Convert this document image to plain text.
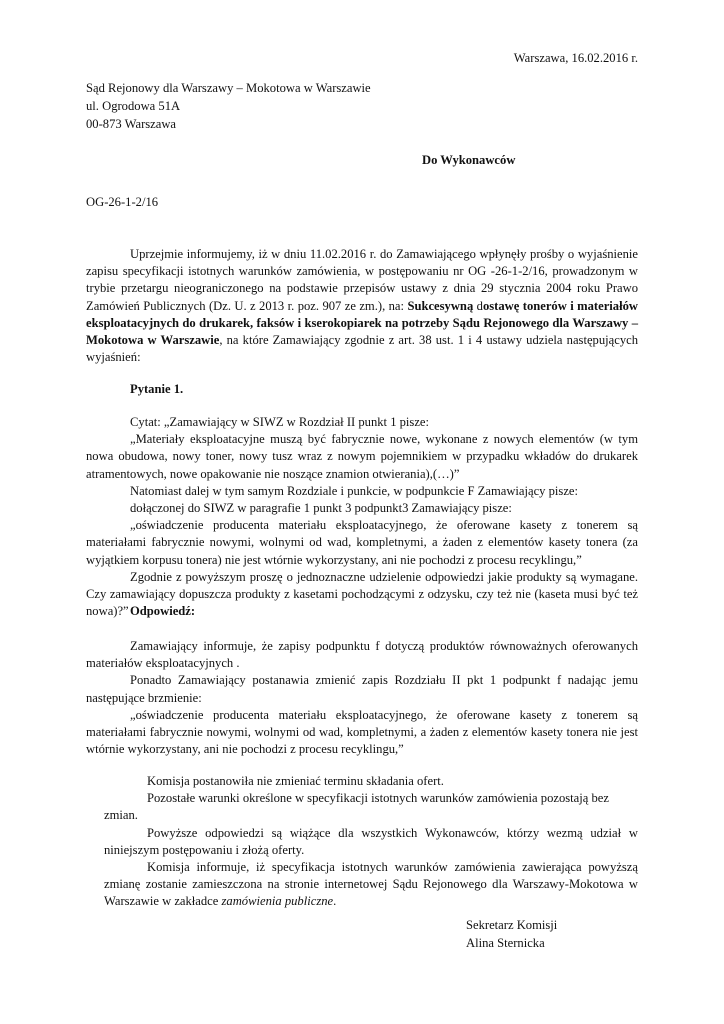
Warszawa, 16.02.2016 r.
Sąd Rejonowy dla Warszawy – Mokotowa w Warszawie
ul. Ogrodowa 51A
00-873 Warszawa
Do Wykonawców
OG-26-1-2/16
Uprzejmie informujemy, iż w dniu 11.02.2016 r. do Zamawiającego wpłynęły prośby o wyjaśnienie zapisu specyfikacji istotnych warunków zamówienia, w postępowaniu nr OG -26-1-2/16, prowadzonym w trybie przetargu nieograniczonego na podstawie przepisów ustawy z dnia 29 stycznia 2004 roku Prawo Zamówień Publicznych (Dz. U. z 2013 r. poz. 907 ze zm.), na: Sukcesywną dostawę tonerów i materiałów eksploatacyjnych do drukarek, faksów i kserokopiarek na potrzeby Sądu Rejonowego dla Warszawy – Mokotowa w Warszawie, na które Zamawiający zgodnie z art. 38 ust. 1 i 4 ustawy udziela następujących wyjaśnień:
Pytanie 1.
Cytat: „Zamawiający w SIWZ w Rozdział II punkt 1 pisze:
„Materiały eksploatacyjne muszą być fabrycznie nowe, wykonane z nowych elementów (w tym nowa obudowa, nowy toner, nowy tusz wraz z nowym pojemnikiem w przypadku wkładów do drukarek atramentowych, nowe opakowanie nie noszące znamion otwierania),(…)”
Natomiast dalej w tym samym Rozdziale i punkcie, w podpunkcie F Zamawiający pisze:
dołączonej do SIWZ w paragrafie 1 punkt 3 podpunkt3 Zamawiający pisze:
„oświadczenie producenta materiału eksploatacyjnego, że oferowane kasety z tonerem są materiałami fabrycznie nowymi, wolnymi od wad, kompletnymi, a żaden z elementów kasety tonera (za wyjątkiem korpusu tonera) nie jest wtórnie wykorzystany, ani nie pochodzi z procesu recyklingu,”
Zgodnie z powyższym proszę o jednoznaczne udzielenie odpowiedzi jakie produkty są wymagane. Czy zamawiający dopuszcza produkty z kasetami pochodzącymi z odzysku, czy też nie (kaseta musi być też nowa)?” Odpowiedź:
Zamawiający informuje, że zapisy podpunktu f dotyczą produktów równoważnych oferowanych materiałów eksploatacyjnych .
Ponadto Zamawiający postanawia zmienić zapis Rozdziału II pkt 1 podpunkt f nadając jemu następujące brzmienie:
„oświadczenie producenta materiału eksploatacyjnego, że oferowane kasety z tonerem są materiałami fabrycznie nowymi, wolnymi od wad, kompletnymi, a żaden z elementów kasety tonera nie jest wtórnie wykorzystany, ani nie pochodzi z procesu recyklingu,”
Komisja postanowiła nie zmieniać terminu składania ofert.
Pozostałe warunki określone w specyfikacji istotnych warunków zamówienia pozostają bez zmian.
Powyższe odpowiedzi są wiążące dla wszystkich Wykonawców, którzy wezmą udział w niniejszym postępowaniu i złożą oferty.
Komisja informuje, iż specyfikacja istotnych warunków zamówienia zawierająca powyższą zmianę zostanie zamieszczona na stronie internetowej Sądu Rejonowego dla Warszawy-Mokotowa w Warszawie w zakładce zamówienia publiczne.
Sekretarz Komisji
Alina Sternicka
